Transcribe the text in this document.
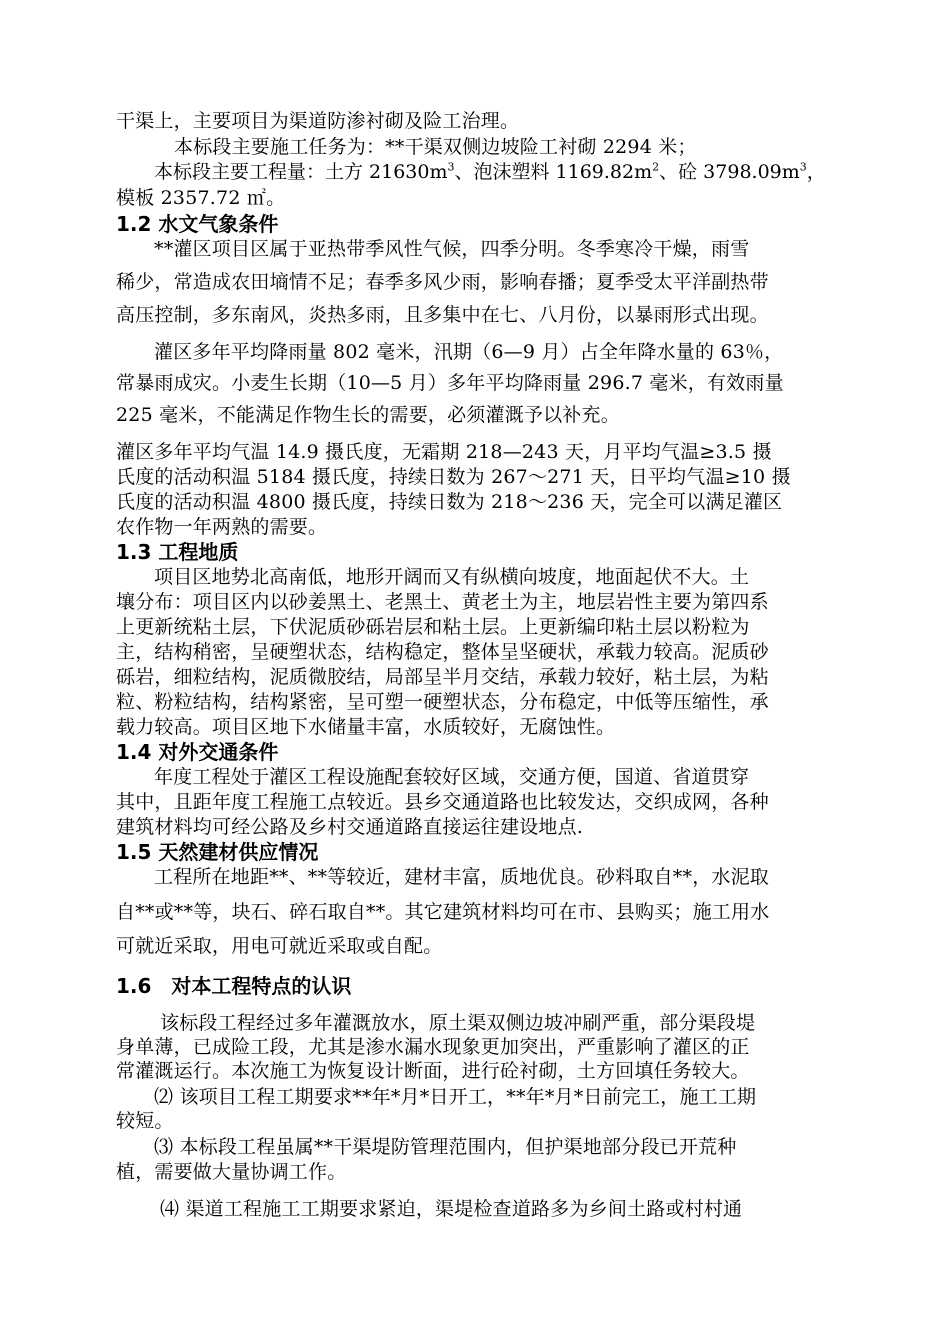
干渠上，主要项目为渠道防渗衬砌及险工治理。
本标段主要施工任务为：**干渠双侧边坡险工衬砌 2294 米；
本标段主要工程量：土方 $21630m^3$、泡沫塑料 $1169.82m^2$、砼 $3798.09m^3$，
模板 2357.72 ㎡。
1.2 水文气象条件
**灌区项目区属于亚热带季风性气候，四季分明。冬季寒冷干燥，雨雪
稀少，常造成农田墒情不足；春季多风少雨，影响春播；夏季受太平洋副热带
高压控制，多东南风，炎热多雨，且多集中在七、八月份，以暴雨形式出现。
灌区多年平均降雨量 802 毫米，汛期（6—9 月）占全年降水量的 63％，
常暴雨成灾。小麦生长期（10—5 月）多年平均降雨量 296.7 毫米，有效雨量
225 毫米，不能满足作物生长的需要，必须灌溉予以补充。
灌区多年平均气温 14.9 摄氏度，无霜期 218—243 天，月平均气温≥3.5 摄
氏度的活动积温 5184 摄氏度，持续日数为 267～271 天，日平均气温≥10 摄
氏度的活动积温 4800 摄氏度，持续日数为 218～236 天，完全可以满足灌区
农作物一年两熟的需要。
1.3 工程地质
项目区地势北高南低，地形开阔而又有纵横向坡度，地面起伏不大。土
壤分布：项目区内以砂姜黑土、老黑土、黄老土为主，地层岩性主要为第四系
上更新统粘土层，下伏泥质砂砾岩层和粘土层。上更新编印粘土层以粉粒为
主，结构稍密，呈硬塑状态，结构稳定，整体呈坚硬状，承载力较高。泥质砂
砾岩，细粒结构，泥质微胶结，局部呈半月交结，承载力较好，粘土层，为粘
粒、粉粒结构，结构紧密，呈可塑一硬塑状态，分布稳定，中低等压缩性，承
载力较高。项目区地下水储量丰富，水质较好，无腐蚀性。
1.4 对外交通条件
年度工程处于灌区工程设施配套较好区域，交通方便，国道、省道贯穿
其中，且距年度工程施工点较近。县乡交通道路也比较发达，交织成网，各种
建筑材料均可经公路及乡村交通道路直接运往建设地点.
1.5 天然建材供应情况
工程所在地距**、**等较近，建材丰富，质地优良。砂料取自**，水泥取
自**或**等，块石、碎石取自**。其它建筑材料均可在市、县购买；施工用水
可就近采取，用电可就近采取或自配。
1.6　对本工程特点的认识
该标段工程经过多年灌溉放水，原土渠双侧边坡冲刷严重，部分渠段堤
身单薄，已成险工段，尤其是渗水漏水现象更加突出，严重影响了灌区的正
常灌溉运行。本次施工为恢复设计断面，进行砼衬砌，土方回填任务较大。
⑵ 该项目工程工期要求**年*月*日开工，**年*月*日前完工，施工工期
较短。
⑶ 本标段工程虽属**干渠堤防管理范围内，但护渠地部分段已开荒种
植，需要做大量协调工作。
⑷ 渠道工程施工工期要求紧迫，渠堤检查道路多为乡间土路或村村通
